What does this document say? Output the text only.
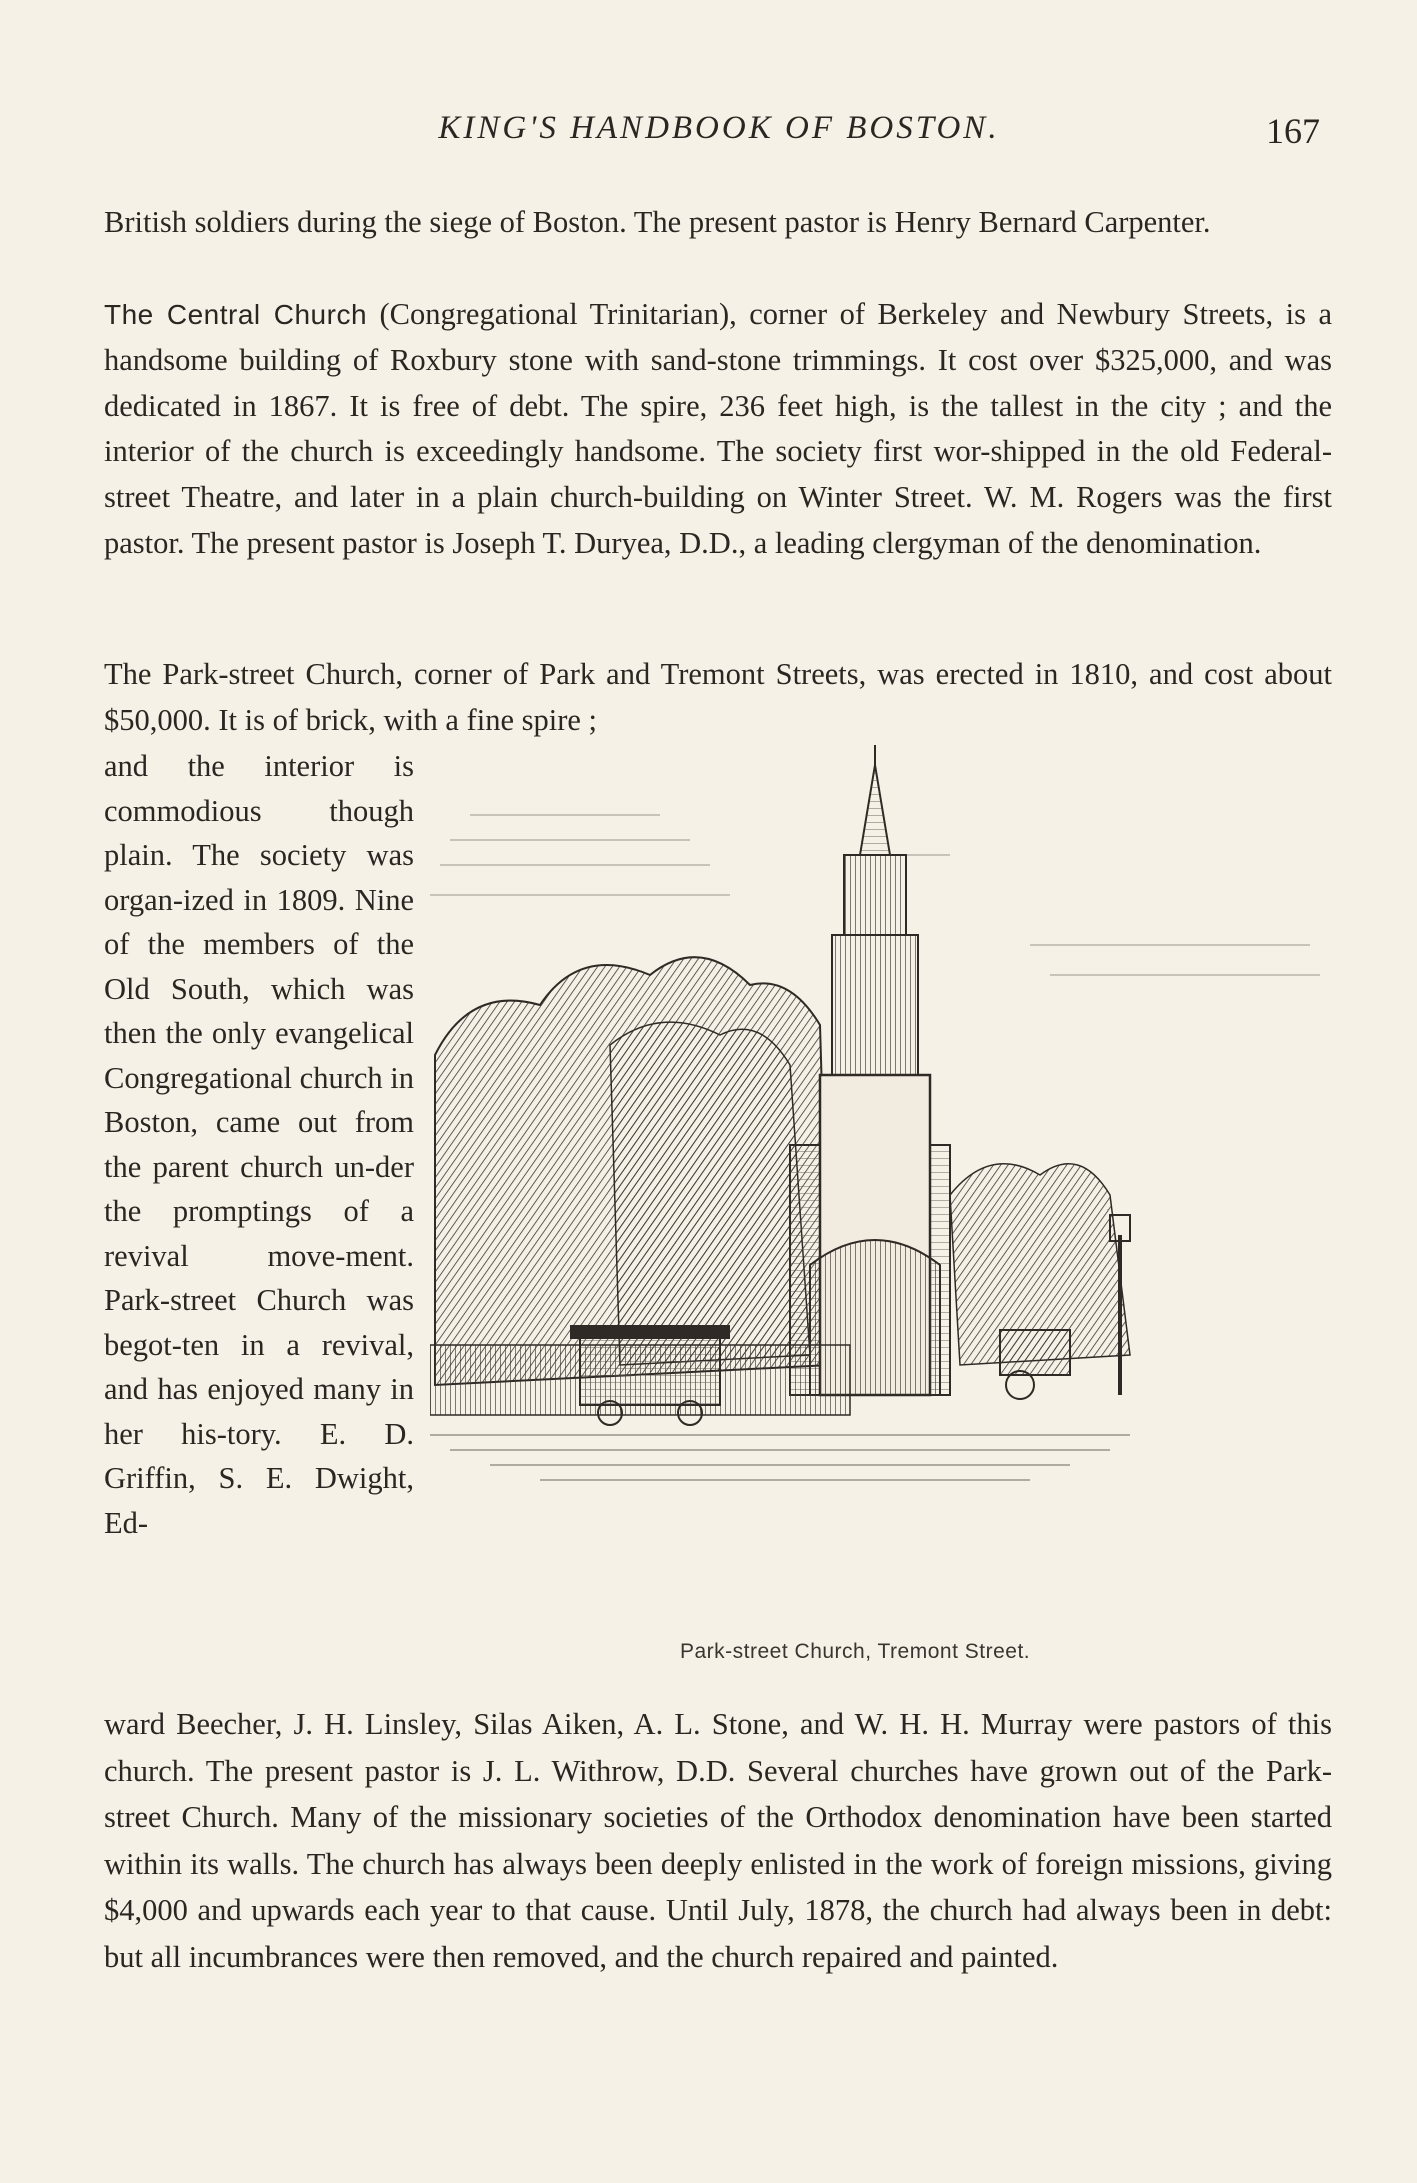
KING'S HANDBOOK OF BOSTON.	167

British soldiers during the siege of Boston. The present pastor is Henry Bernard Carpenter.

The Central Church (Congregational Trinitarian), corner of Berkeley and Newbury Streets, is a handsome building of Roxbury stone with sand-stone trimmings. It cost over $325,000, and was dedicated in 1867. It is free of debt. The spire, 236 feet high, is the tallest in the city ; and the interior of the church is exceedingly handsome. The society first wor-shipped in the old Federal-street Theatre, and later in a plain church-building on Winter Street. W. M. Rogers was the first pastor. The present pastor is Joseph T. Duryea, D.D., a leading clergyman of the denomination.

The Park-street Church, corner of Park and Tremont Streets, was erected in 1810, and cost about $50,000. It is of brick, with a fine spire ;

and the interior is commodious though plain. The society was organ-ized in 1809. Nine of the members of the Old South, which was then the only evangelical Congregational church in Boston, came out from the parent church un-der the promptings of a revival move-ment. Park-street Church was begot-ten in a revival, and has enjoyed many in her his-tory. E. D. Griffin, S. E. Dwight, Ed-

ward Beecher, J. H. Linsley, Silas Aiken, A. L. Stone, and W. H. H. Murray were pastors of this church. The present pastor is J. L. Withrow, D.D. Several churches have grown out of the Park-street Church. Many of the missionary societies of the Orthodox denomination have been started within its walls. The church has always been deeply enlisted in the work of foreign missions, giving $4,000 and upwards each year to that cause. Until July, 1878, the church had always been in debt: but all incumbrances were then removed, and the church repaired and painted.

Park-street Church, Tremont Street.
